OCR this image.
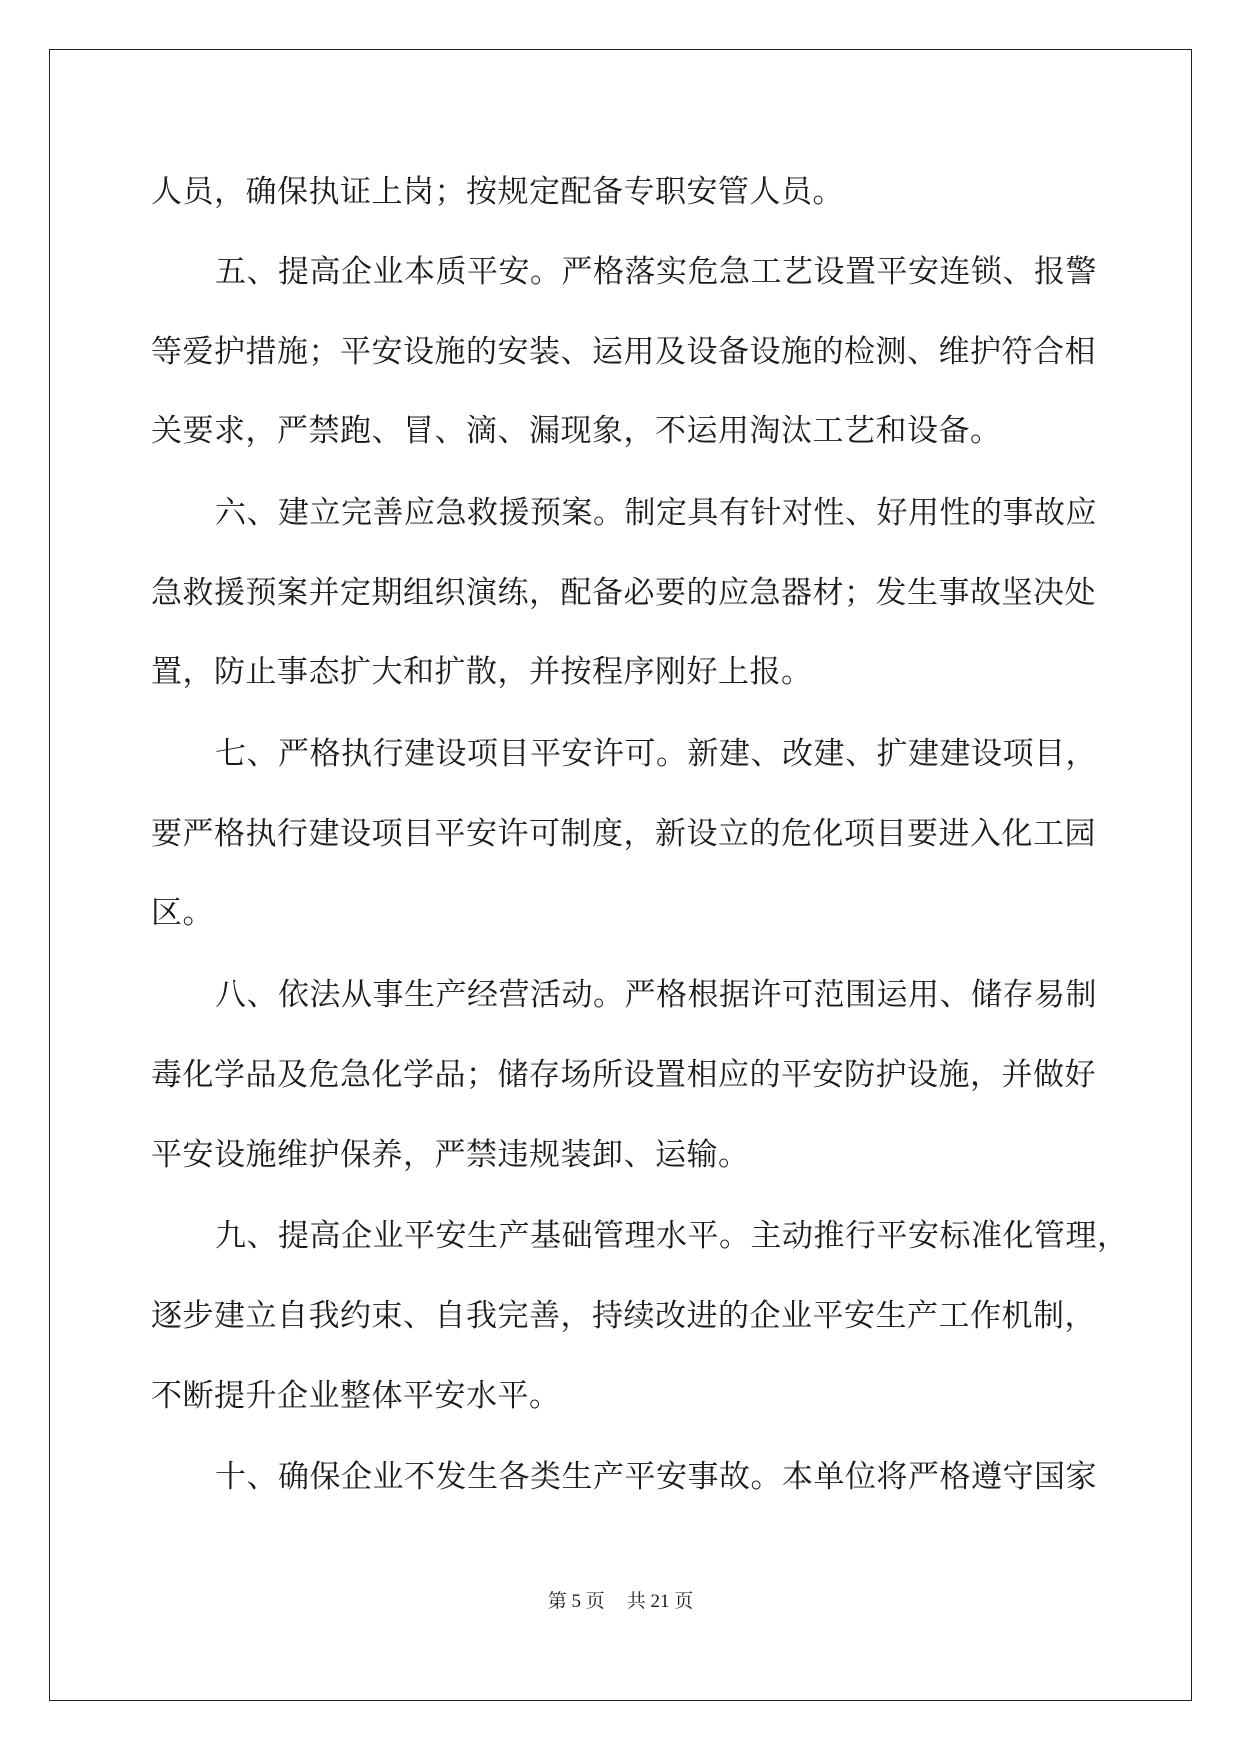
人员，确保执证上岗；按规定配备专职安管人员。
五、提高企业本质平安。严格落实危急工艺设置平安连锁、报警
等爱护措施；平安设施的安装、运用及设备设施的检测、维护符合相
关要求，严禁跑、冒、滴、漏现象，不运用淘汰工艺和设备。
六、建立完善应急救援预案。制定具有针对性、好用性的事故应
急救援预案并定期组织演练，配备必要的应急器材；发生事故坚决处
置，防止事态扩大和扩散，并按程序刚好上报。
七、严格执行建设项目平安许可。新建、改建、扩建建设项目，
要严格执行建设项目平安许可制度，新设立的危化项目要进入化工园
区。
八、依法从事生产经营活动。严格根据许可范围运用、储存易制
毒化学品及危急化学品；储存场所设置相应的平安防护设施，并做好
平安设施维护保养，严禁违规装卸、运输。
九、提高企业平安生产基础管理水平。主动推行平安标准化管理，
逐步建立自我约束、自我完善，持续改进的企业平安生产工作机制，
不断提升企业整体平安水平。
十、确保企业不发生各类生产平安事故。本单位将严格遵守国家
第 5 页 共 21 页
